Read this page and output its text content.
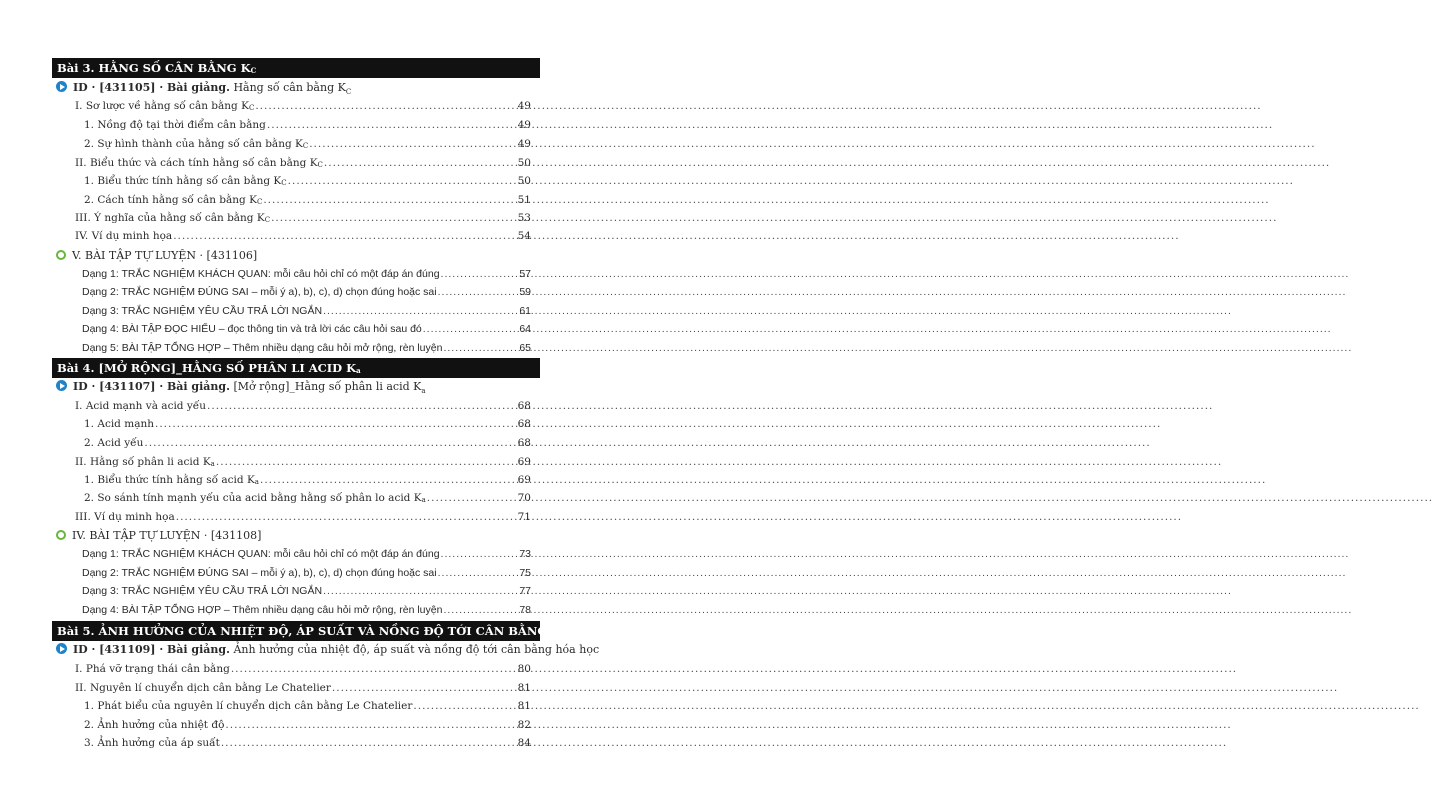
Bài 3. HẰNG SỐ CÂN BẰNG $K_C$
ID · [431105] · Bài giảng. Hằng số cân bằng $K_C$
I. Sơ lược về hằng số cân bằng $K_C$ .....	49
1. Nồng độ tại thời điểm cân bằng .....	49
2. Sự hình thành của hằng số cân bằng $K_C$ .....	49
II. Biểu thức và cách tính hằng số cân bằng $K_C$ .....	50
1. Biểu thức tính hằng số cân bằng $K_C$ .....	50
2. Cách tính hằng số cân bằng $K_C$ .....	51
III. Ý nghĩa của hằng số cân bằng $K_C$ .....	53
IV. Ví dụ minh họa .....	54
V. BÀI TẬP TỰ LUYỆN · [431106]
Dạng 1: TRẮC NGHIỆM KHÁCH QUAN: mỗi câu hỏi chỉ có một đáp án đúng .....	57
Dạng 2: TRẮC NGHIỆM ĐÚNG SAI – mỗi ý a), b), c), d) chọn đúng hoặc sai .....	59
Dạng 3: TRẮC NGHIỆM YÊU CẦU TRẢ LỜI NGẮN .....	61
Dạng 4: BÀI TẬP ĐỌC HIỂU – đọc thông tin và trả lời các câu hỏi sau đó .....	64
Dạng 5: BÀI TẬP TỔNG HỢP – Thêm nhiều dạng câu hỏi mở rộng, rèn luyện .....	65
Bài 4. [MỞ RỘNG]_HẰNG SỐ PHÂN LI ACID $K_a$
ID · [431107] · Bài giảng. [Mở rộng]_Hằng số phân li acid $K_a$
I. Acid mạnh và acid yếu .....	68
1. Acid mạnh .....	68
2. Acid yếu .....	68
II. Hằng số phân li acid $K_a$ .....	69
1. Biểu thức tính hằng số acid $K_a$ .....	69
2. So sánh tính mạnh yếu của acid bằng hằng số phân lo acid $K_a$ .....	70
III. Ví dụ minh họa .....	71
IV. BÀI TẬP TỰ LUYỆN · [431108]
Dạng 1: TRẮC NGHIỆM KHÁCH QUAN: mỗi câu hỏi chỉ có một đáp án đúng .....	73
Dạng 2: TRẮC NGHIỆM ĐÚNG SAI – mỗi ý a), b), c), d) chọn đúng hoặc sai .....	75
Dạng 3: TRẮC NGHIỆM YÊU CẦU TRẢ LỜI NGẮN .....	77
Dạng 4: BÀI TẬP TỔNG HỢP – Thêm nhiều dạng câu hỏi mở rộng, rèn luyện .....	78
Bài 5. ẢNH HƯỞNG CỦA NHIỆT ĐỘ, ÁP SUẤT VÀ NỒNG ĐỘ TỚI CÂN BẰNG HÓA HỌC
ID · [431109] · Bài giảng. Ảnh hưởng của nhiệt độ, áp suất và nồng độ tới cân bằng hóa học
I. Phá vỡ trạng thái cân bằng .....	80
II. Nguyên lí chuyển dịch cân bằng Le Chatelier .....	81
1. Phát biểu của nguyên lí chuyển dịch cân bằng Le Chatelier .....	81
2. Ảnh hưởng của nhiệt độ .....	82
3. Ảnh hưởng của áp suất .....	84
